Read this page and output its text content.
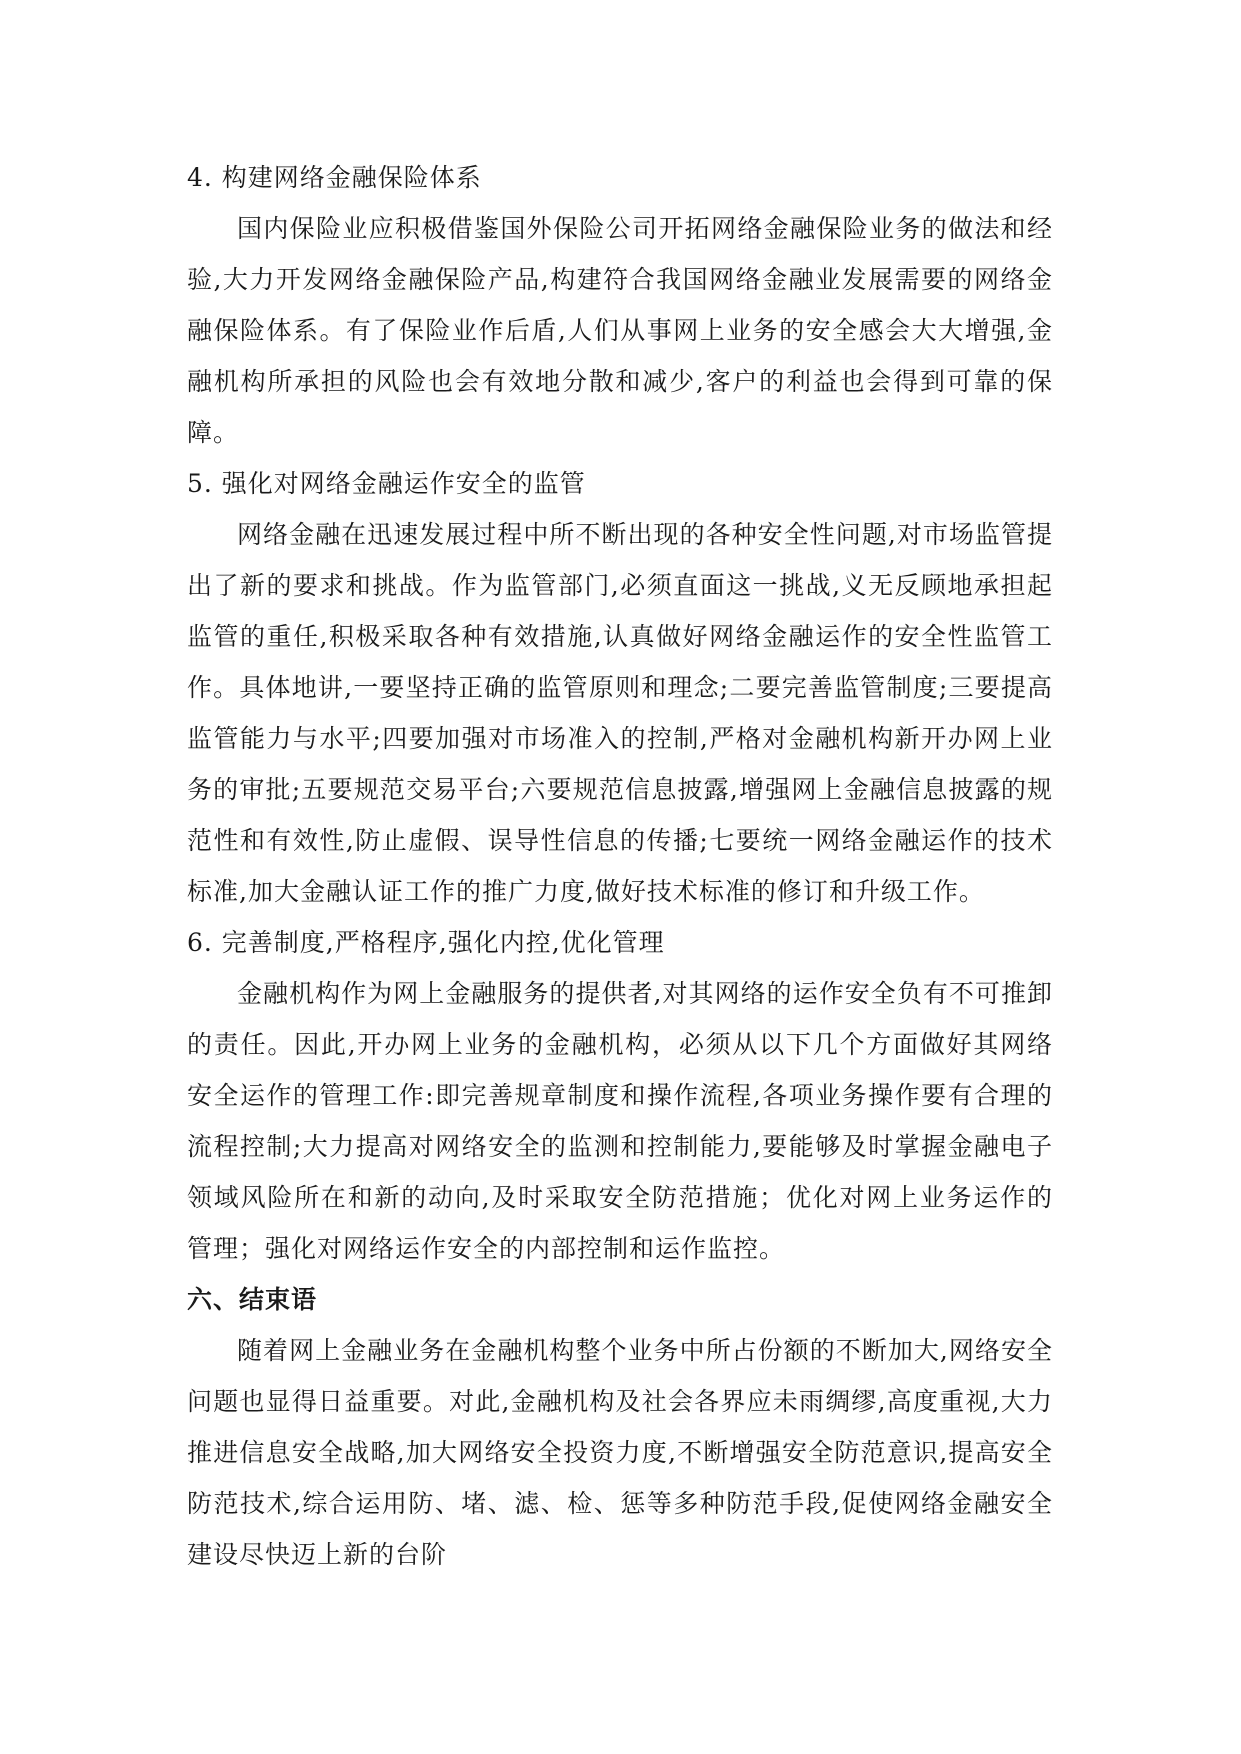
4. 构建网络金融保险体系

国内保险业应积极借鉴国外保险公司开拓网络金融保险业务的做法和经验,大力开发网络金融保险产品,构建符合我国网络金融业发展需要的网络金融保险体系。有了保险业作后盾,人们从事网上业务的安全感会大大增强,金融机构所承担的风险也会有效地分散和减少,客户的利益也会得到可靠的保障。

5. 强化对网络金融运作安全的监管

网络金融在迅速发展过程中所不断出现的各种安全性问题,对市场监管提出了新的要求和挑战。作为监管部门,必须直面这一挑战,义无反顾地承担起监管的重任,积极采取各种有效措施,认真做好网络金融运作的安全性监管工作。具体地讲,一要坚持正确的监管原则和理念;二要完善监管制度;三要提高监管能力与水平;四要加强对市场准入的控制,严格对金融机构新开办网上业务的审批;五要规范交易平台;六要规范信息披露,增强网上金融信息披露的规范性和有效性,防止虚假、误导性信息的传播;七要统一网络金融运作的技术标准,加大金融认证工作的推广力度,做好技术标准的修订和升级工作。

6. 完善制度,严格程序,强化内控,优化管理

金融机构作为网上金融服务的提供者,对其网络的运作安全负有不可推卸的责任。因此,开办网上业务的金融机构，必须从以下几个方面做好其网络安全运作的管理工作:即完善规章制度和操作流程,各项业务操作要有合理的流程控制;大力提高对网络安全的监测和控制能力,要能够及时掌握金融电子领域风险所在和新的动向,及时采取安全防范措施；优化对网上业务运作的管理；强化对网络运作安全的内部控制和运作监控。

六、结束语

随着网上金融业务在金融机构整个业务中所占份额的不断加大,网络安全问题也显得日益重要。对此,金融机构及社会各界应未雨绸缪,高度重视,大力推进信息安全战略,加大网络安全投资力度,不断增强安全防范意识,提高安全防范技术,综合运用防、堵、滤、检、惩等多种防范手段,促使网络金融安全建设尽快迈上新的台阶
